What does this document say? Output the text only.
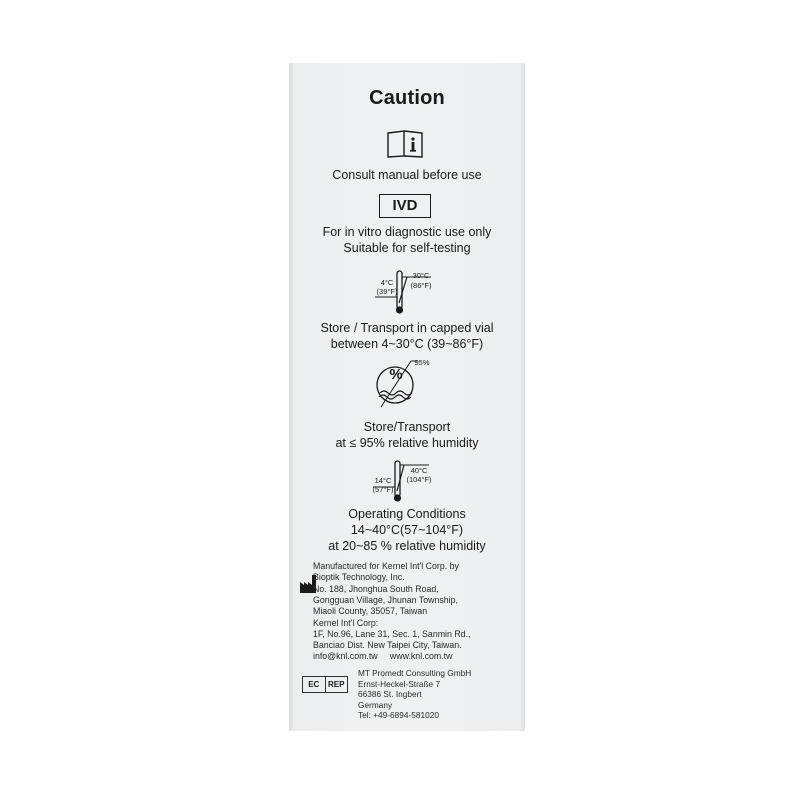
Caution
Consult manual before use
IVD
For in vitro diagnostic use only
Suitable for self-testing
4°C
(39°F)
30°C
(86°F)
Store / Transport in capped vial
between 4~30°C (39~86°F)
%
95%
Store/Transport
at ≤ 95% relative humidity
14°C
(57°F)
40°C
(104°F)
Operating Conditions
14~40°C(57~104°F)
at 20~85 % relative humidity
Manufactured for Kernel Int'l Corp. by
Bioptik Technology, Inc.
No. 188, Jhonghua South Road,
Gongguan Village, Jhunan Township,
Miaoli County, 35057, Taiwan
Kernel Int'l Corp:
1F, No.96, Lane 31, Sec. 1, Sanmin Rd.,
Banciao Dist. New Taipei City, Taiwan.
info@knl.com.tw     www.knl.com.tw
EC	REP
MT Promedt Consulting GmbH
Ernst-Heckel-Straße 7
66386 St. Ingbert
Germany
Tel: +49-6894-581020
